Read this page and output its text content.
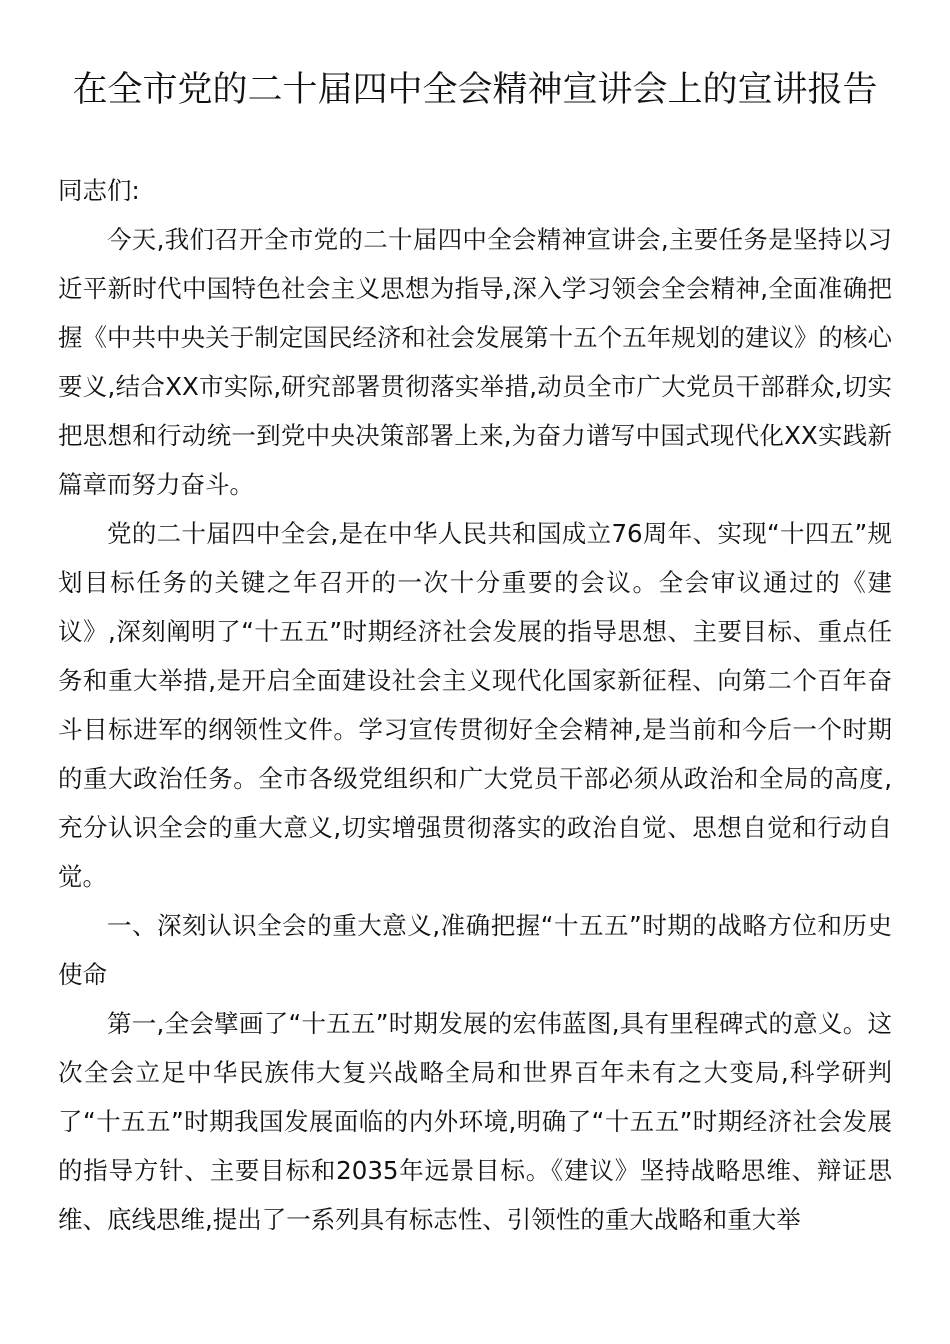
在全市党的二十届四中全会精神宣讲会上的宣讲报告

同志们:

今天,我们召开全市党的二十届四中全会精神宣讲会,主要任务是坚持以习近平新时代中国特色社会主义思想为指导,深入学习领会全会精神,全面准确把握《中共中央关于制定国民经济和社会发展第十五个五年规划的建议》的核心要义,结合XX市实际,研究部署贯彻落实举措,动员全市广大党员干部群众,切实把思想和行动统一到党中央决策部署上来,为奋力谱写中国式现代化XX实践新篇章而努力奋斗。

党的二十届四中全会,是在中华人民共和国成立76周年、实现“十四五”规划目标任务的关键之年召开的一次十分重要的会议。全会审议通过的《建议》,深刻阐明了“十五五”时期经济社会发展的指导思想、主要目标、重点任务和重大举措,是开启全面建设社会主义现代化国家新征程、向第二个百年奋斗目标进军的纲领性文件。学习宣传贯彻好全会精神,是当前和今后一个时期的重大政治任务。全市各级党组织和广大党员干部必须从政治和全局的高度,充分认识全会的重大意义,切实增强贯彻落实的政治自觉、思想自觉和行动自觉。

一、深刻认识全会的重大意义,准确把握“十五五”时期的战略方位和历史使命

第一,全会擘画了“十五五”时期发展的宏伟蓝图,具有里程碑式的意义。这次全会立足中华民族伟大复兴战略全局和世界百年未有之大变局,科学研判了“十五五”时期我国发展面临的内外环境,明确了“十五五”时期经济社会发展的指导方针、主要目标和2035年远景目标。《建议》坚持战略思维、辩证思维、底线思维,提出了一系列具有标志性、引领性的重大战略和重大举
